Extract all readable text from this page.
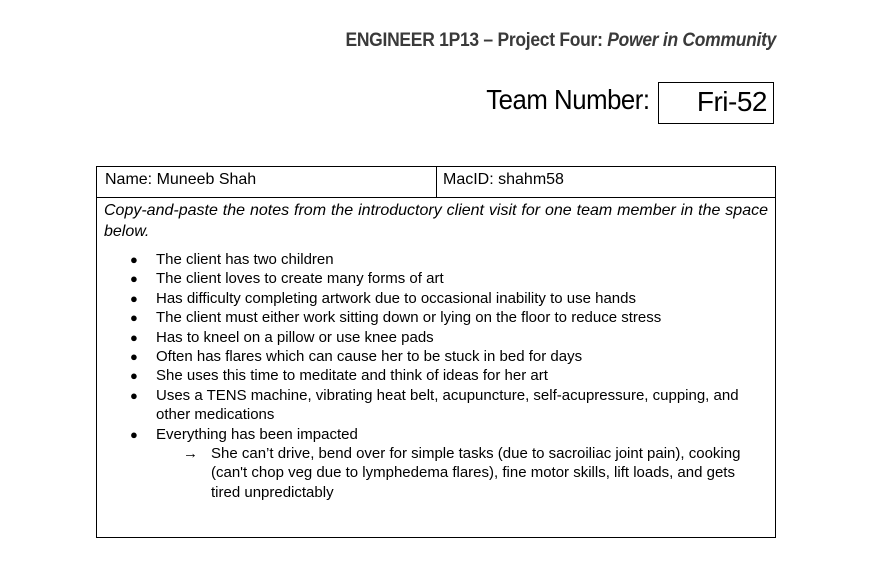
ENGINEER 1P13 – Project Four: Power in Community
Team Number:	Fri-52
Name: Muneeb Shah	MacID: shahm58
Copy-and-paste the notes from the introductory client visit for one team member in the space below.
● The client has two children
● The client loves to create many forms of art
● Has difficulty completing artwork due to occasional inability to use hands
● The client must either work sitting down or lying on the floor to reduce stress
● Has to kneel on a pillow or use knee pads
● Often has flares which can cause her to be stuck in bed for days
● She uses this time to meditate and think of ideas for her art
● Uses a TENS machine, vibrating heat belt, acupuncture, self-acupressure, cupping, and other medications
● Everything has been impacted
→ She can’t drive, bend over for simple tasks (due to sacroiliac joint pain), cooking (can't chop veg due to lymphedema flares), fine motor skills, lift loads, and gets tired unpredictably
